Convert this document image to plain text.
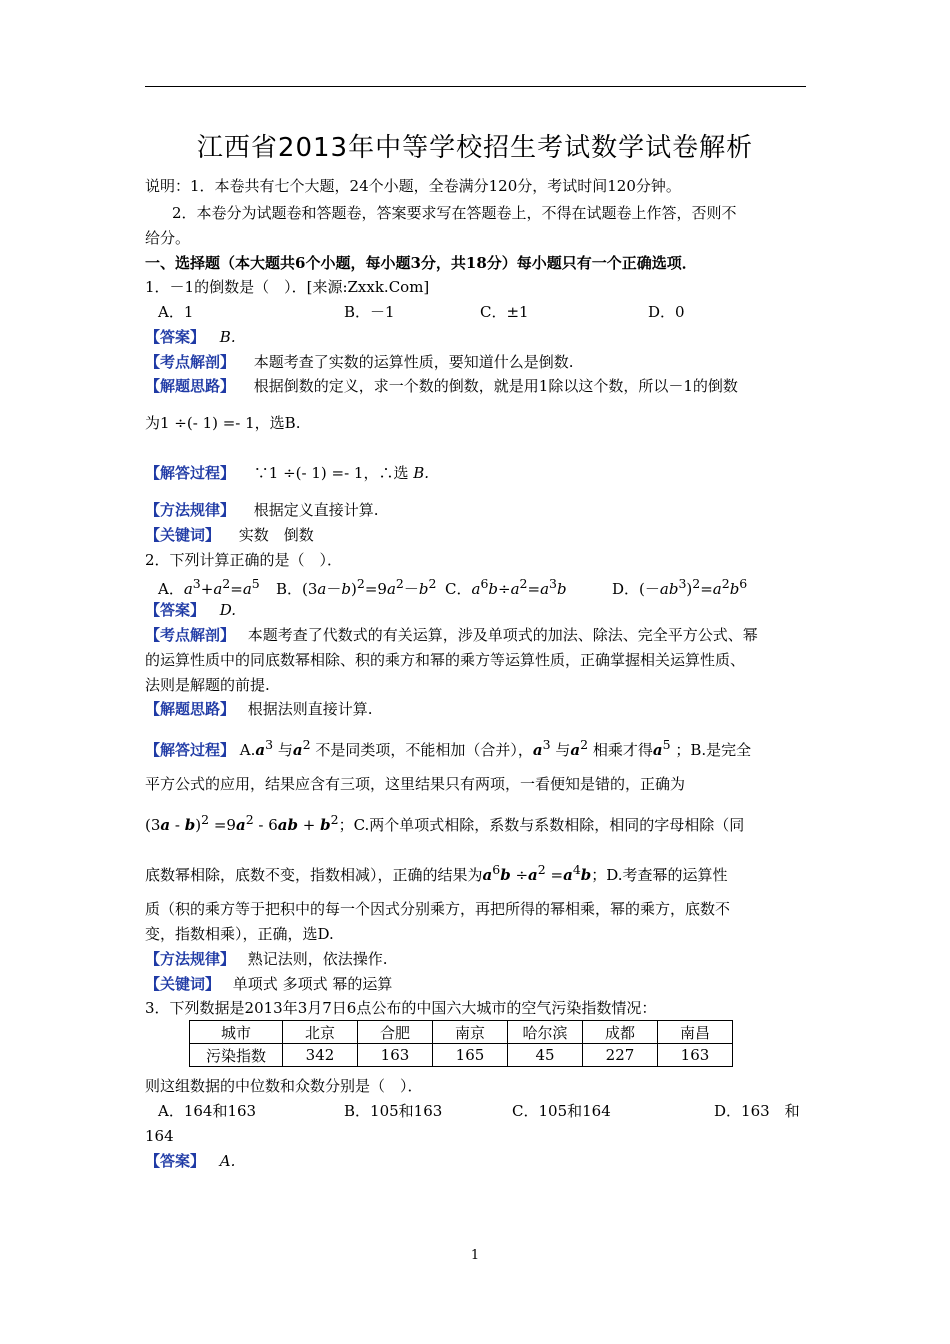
江西省2013年中等学校招生考试数学试卷解析
说明：1．本卷共有七个大题，24个小题，全卷满分120分，考试时间120分钟。
2．本卷分为试题卷和答题卷，答案要求写在答题卷上，不得在试题卷上作答，否则不
给分。
一、选择题（本大题共6个小题，每小题3分，共18分）每小题只有一个正确选项．
1．－1的倒数是（　）．[来源:Zxxk.Com]
A．1	B．－1	C．±1	D．0
【答案】 B.
【考点解剖】 本题考查了实数的运算性质，要知道什么是倒数.
【解题思路】 根据倒数的定义，求一个数的倒数，就是用1除以这个数，所以－1的倒数
为1 ÷(- 1) =- 1，选B.
【解答过程】 ∵1 ÷(- 1) =- 1，∴选 B.
【方法规律】 根据定义直接计算.
【关键词】 实数　倒数
2．下列计算正确的是（　）．
A．$a^3+a^2=a^5$ B．$(3a-b)^2=9a^2-b^2$ C．$a^6b\div a^2=a^3b$	D．$(-ab^3)^2=a^2b^6$
【答案】 D.
【考点解剖】 本题考查了代数式的有关运算，涉及单项式的加法、除法、完全平方公式、幂
的运算性质中的同底数幂相除、积的乘方和幂的乘方等运算性质，正确掌握相关运算性质、
法则是解题的前提.
【解题思路】 根据法则直接计算.
【解答过程】 $A.a^3$ 与$a^2$ 不是同类项，不能相加（合并），$a^3$ 与$a^2$ 相乘才得$a^5$ ；B.是完全
平方公式的应用，结果应含有三项，这里结果只有两项，一看便知是错的，正确为
$(3a - b)^2 =9a^2 - 6ab + b^2$；C.两个单项式相除，系数与系数相除，相同的字母相除（同
底数幂相除，底数不变，指数相减），正确的结果为$a^6b \div a^2 =a^4b$；D.考查幂的运算性
质（积的乘方等于把积中的每一个因式分别乘方，再把所得的幂相乘，幂的乘方，底数不
变，指数相乘），正确，选D.
【方法规律】 熟记法则，依法操作.
【关键词】 单项式 多项式 幂的运算
3．下列数据是2013年3月7日6点公布的中国六大城市的空气污染指数情况：
城市	北京	合肥	南京	哈尔滨	成都	南昌
污染指数	342	163	165	45	227	163
则这组数据的中位数和众数分别是（　）．
A．164和163	B．105和163	C．105和164	D．163　和
164
【答案】 A.
1
